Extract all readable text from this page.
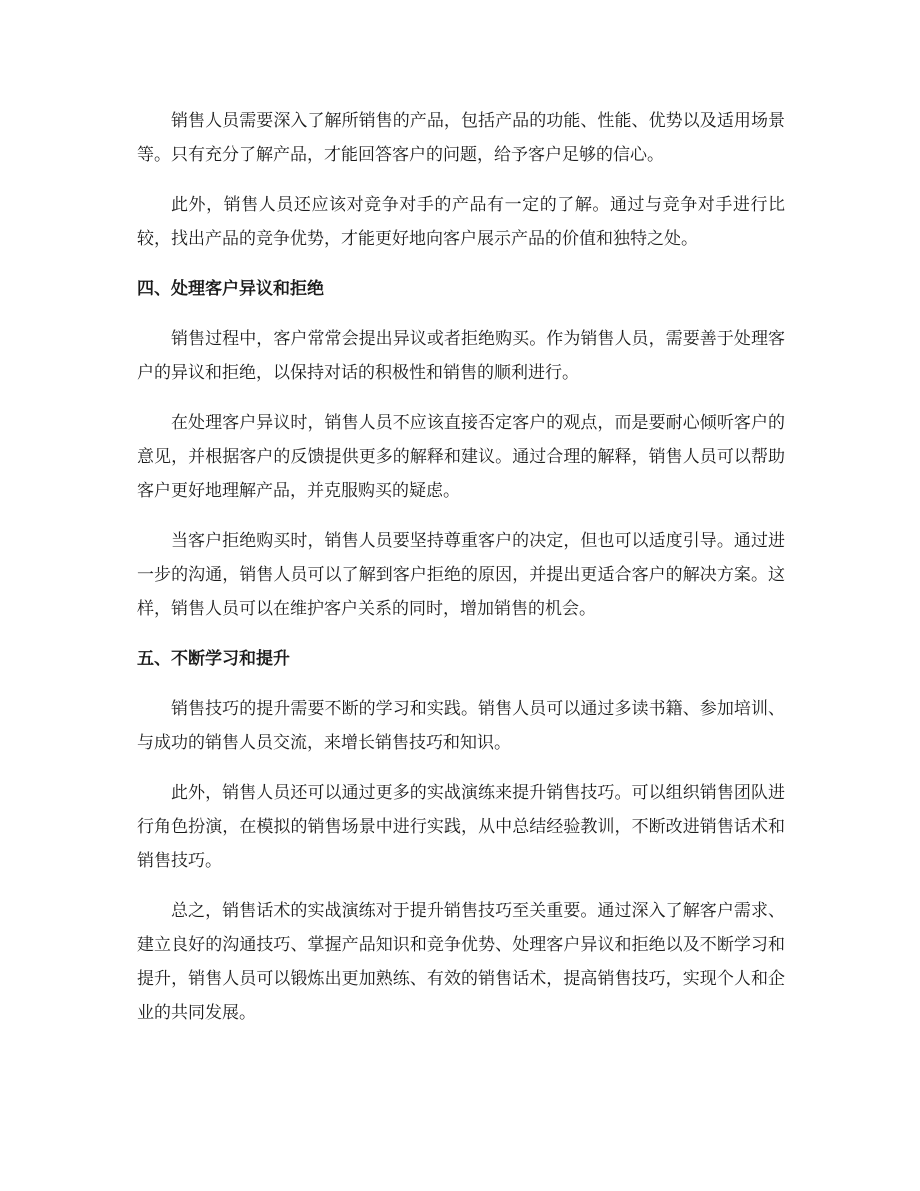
销售人员需要深入了解所销售的产品，包括产品的功能、性能、优势以及适用场景等。只有充分了解产品，才能回答客户的问题，给予客户足够的信心。

此外，销售人员还应该对竞争对手的产品有一定的了解。通过与竞争对手进行比较，找出产品的竞争优势，才能更好地向客户展示产品的价值和独特之处。

四、处理客户异议和拒绝

销售过程中，客户常常会提出异议或者拒绝购买。作为销售人员，需要善于处理客户的异议和拒绝，以保持对话的积极性和销售的顺利进行。

在处理客户异议时，销售人员不应该直接否定客户的观点，而是要耐心倾听客户的意见，并根据客户的反馈提供更多的解释和建议。通过合理的解释，销售人员可以帮助客户更好地理解产品，并克服购买的疑虑。

当客户拒绝购买时，销售人员要坚持尊重客户的决定，但也可以适度引导。通过进一步的沟通，销售人员可以了解到客户拒绝的原因，并提出更适合客户的解决方案。这样，销售人员可以在维护客户关系的同时，增加销售的机会。

五、不断学习和提升

销售技巧的提升需要不断的学习和实践。销售人员可以通过多读书籍、参加培训、与成功的销售人员交流，来增长销售技巧和知识。

此外，销售人员还可以通过更多的实战演练来提升销售技巧。可以组织销售团队进行角色扮演，在模拟的销售场景中进行实践，从中总结经验教训，不断改进销售话术和销售技巧。

总之，销售话术的实战演练对于提升销售技巧至关重要。通过深入了解客户需求、建立良好的沟通技巧、掌握产品知识和竞争优势、处理客户异议和拒绝以及不断学习和提升，销售人员可以锻炼出更加熟练、有效的销售话术，提高销售技巧，实现个人和企业的共同发展。
